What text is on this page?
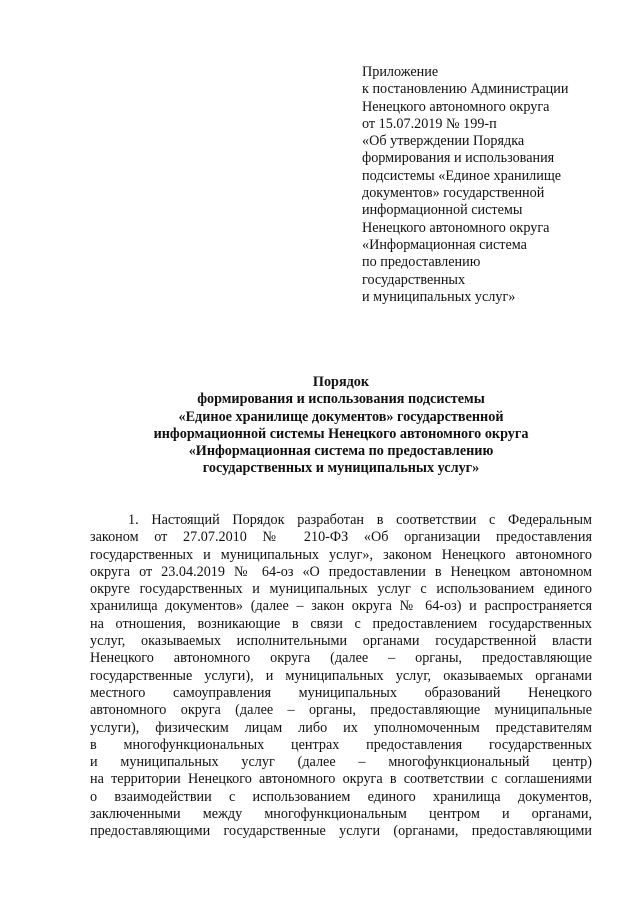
Приложение
к постановлению Администрации
Ненецкого автономного округа
от 15.07.2019 № 199-п
«Об утверждении Порядка
формирования и использования
подсистемы «Единое хранилище
документов» государственной
информационной системы
Ненецкого автономного округа
«Информационная система
по предоставлению
государственных
и муниципальных услуг»
Порядок
формирования и использования подсистемы
«Единое хранилище документов» государственной
информационной системы Ненецкого автономного округа
«Информационная система по предоставлению
государственных и муниципальных услуг»
1. Настоящий Порядок разработан в соответствии с Федеральным
законом от 27.07.2010 № 210-ФЗ «Об организации предоставления
государственных и муниципальных услуг», законом Ненецкого автономного
округа от 23.04.2019 № 64-оз «О предоставлении в Ненецком автономном
округе государственных и муниципальных услуг с использованием единого
хранилища документов» (далее – закон округа № 64-оз) и распространяется
на отношения, возникающие в связи с предоставлением государственных
услуг, оказываемых исполнительными органами государственной власти
Ненецкого автономного округа (далее – органы, предоставляющие
государственные услуги), и муниципальных услуг, оказываемых органами
местного самоуправления муниципальных образований Ненецкого
автономного округа (далее – органы, предоставляющие муниципальные
услуги), физическим лицам либо их уполномоченным представителям
в многофункциональных центрах предоставления государственных
и муниципальных услуг (далее – многофункциональный центр)
на территории Ненецкого автономного округа в соответствии с соглашениями
о взаимодействии с использованием единого хранилища документов,
заключенными между многофункциональным центром и органами,
предоставляющими государственные услуги (органами, предоставляющими
